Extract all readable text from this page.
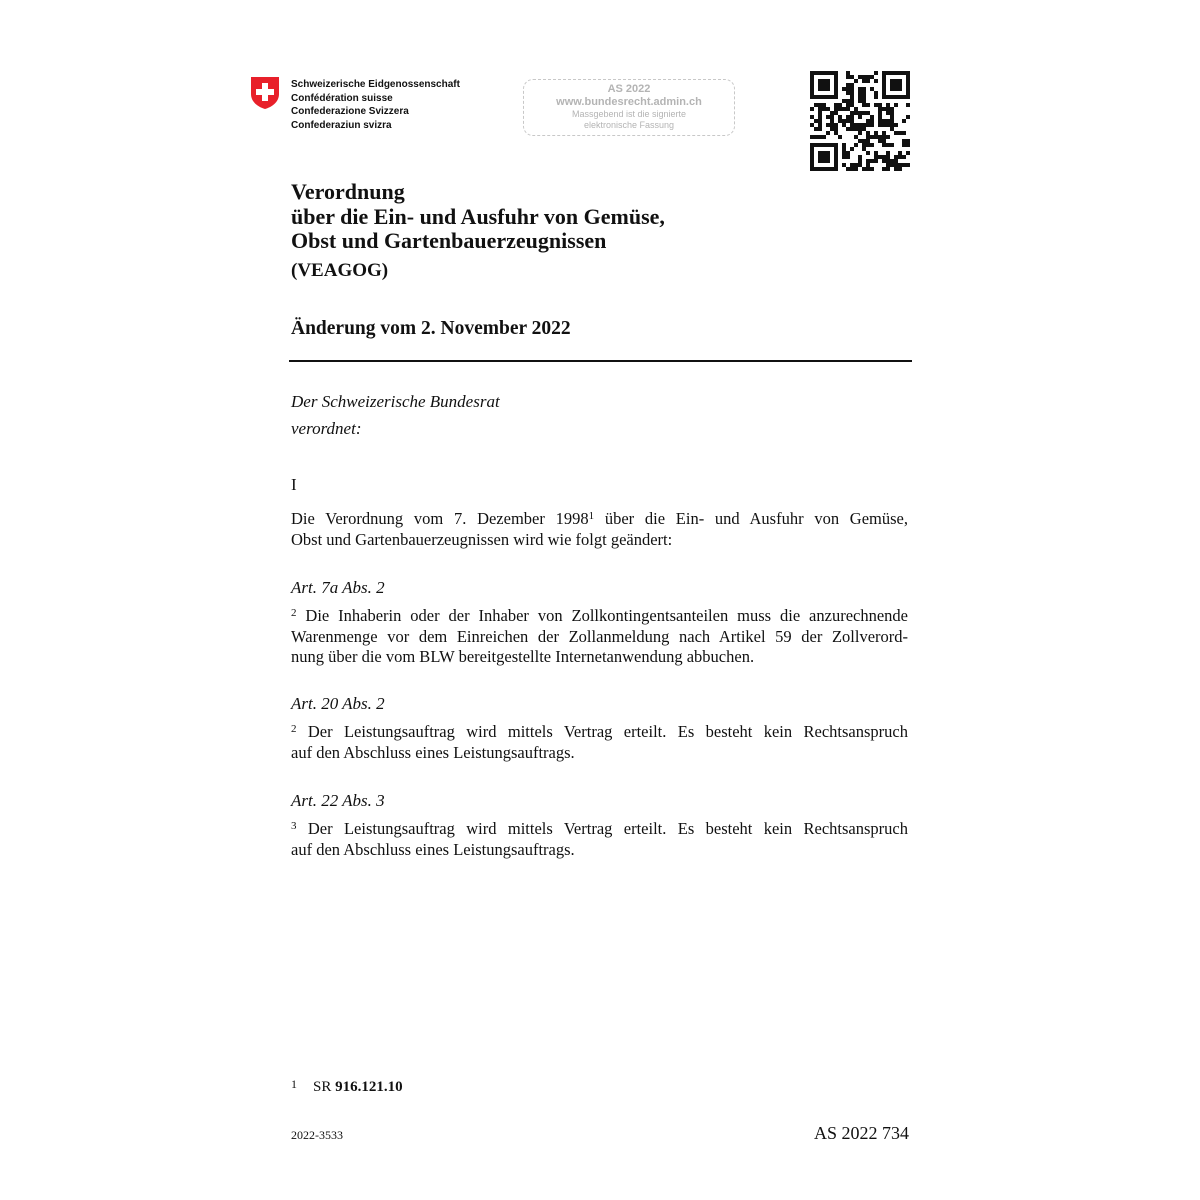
Schweizerische Eidgenossenschaft
Confédération suisse
Confederazione Svizzera
Confederaziun svizra
AS 2022
www.bundesrecht.admin.ch
Massgebend ist die signierte
elektronische Fassung
Verordnung
über die Ein- und Ausfuhr von Gemüse,
Obst und Gartenbauerzeugnissen
(VEAGOG)
Änderung vom 2. November 2022
Der Schweizerische Bundesrat
verordnet:
I
Die Verordnung vom 7. Dezember 1998$^1$ über die Ein- und Ausfuhr von Gemüse,
Obst und Gartenbauerzeugnissen wird wie folgt geändert:
Art. 7a Abs. 2
$^2$ Die Inhaberin oder der Inhaber von Zollkontingentsanteilen muss die anzurechnende
Warenmenge vor dem Einreichen der Zollanmeldung nach Artikel 59 der Zollverord-
nung über die vom BLW bereitgestellte Internetanwendung abbuchen.
Art. 20 Abs. 2
$^2$ Der Leistungsauftrag wird mittels Vertrag erteilt. Es besteht kein Rechtsanspruch
auf den Abschluss eines Leistungsauftrags.
Art. 22 Abs. 3
$^3$ Der Leistungsauftrag wird mittels Vertrag erteilt. Es besteht kein Rechtsanspruch
auf den Abschluss eines Leistungsauftrags.
$^1$ SR 916.121.10
2022-3533	AS 2022 734
